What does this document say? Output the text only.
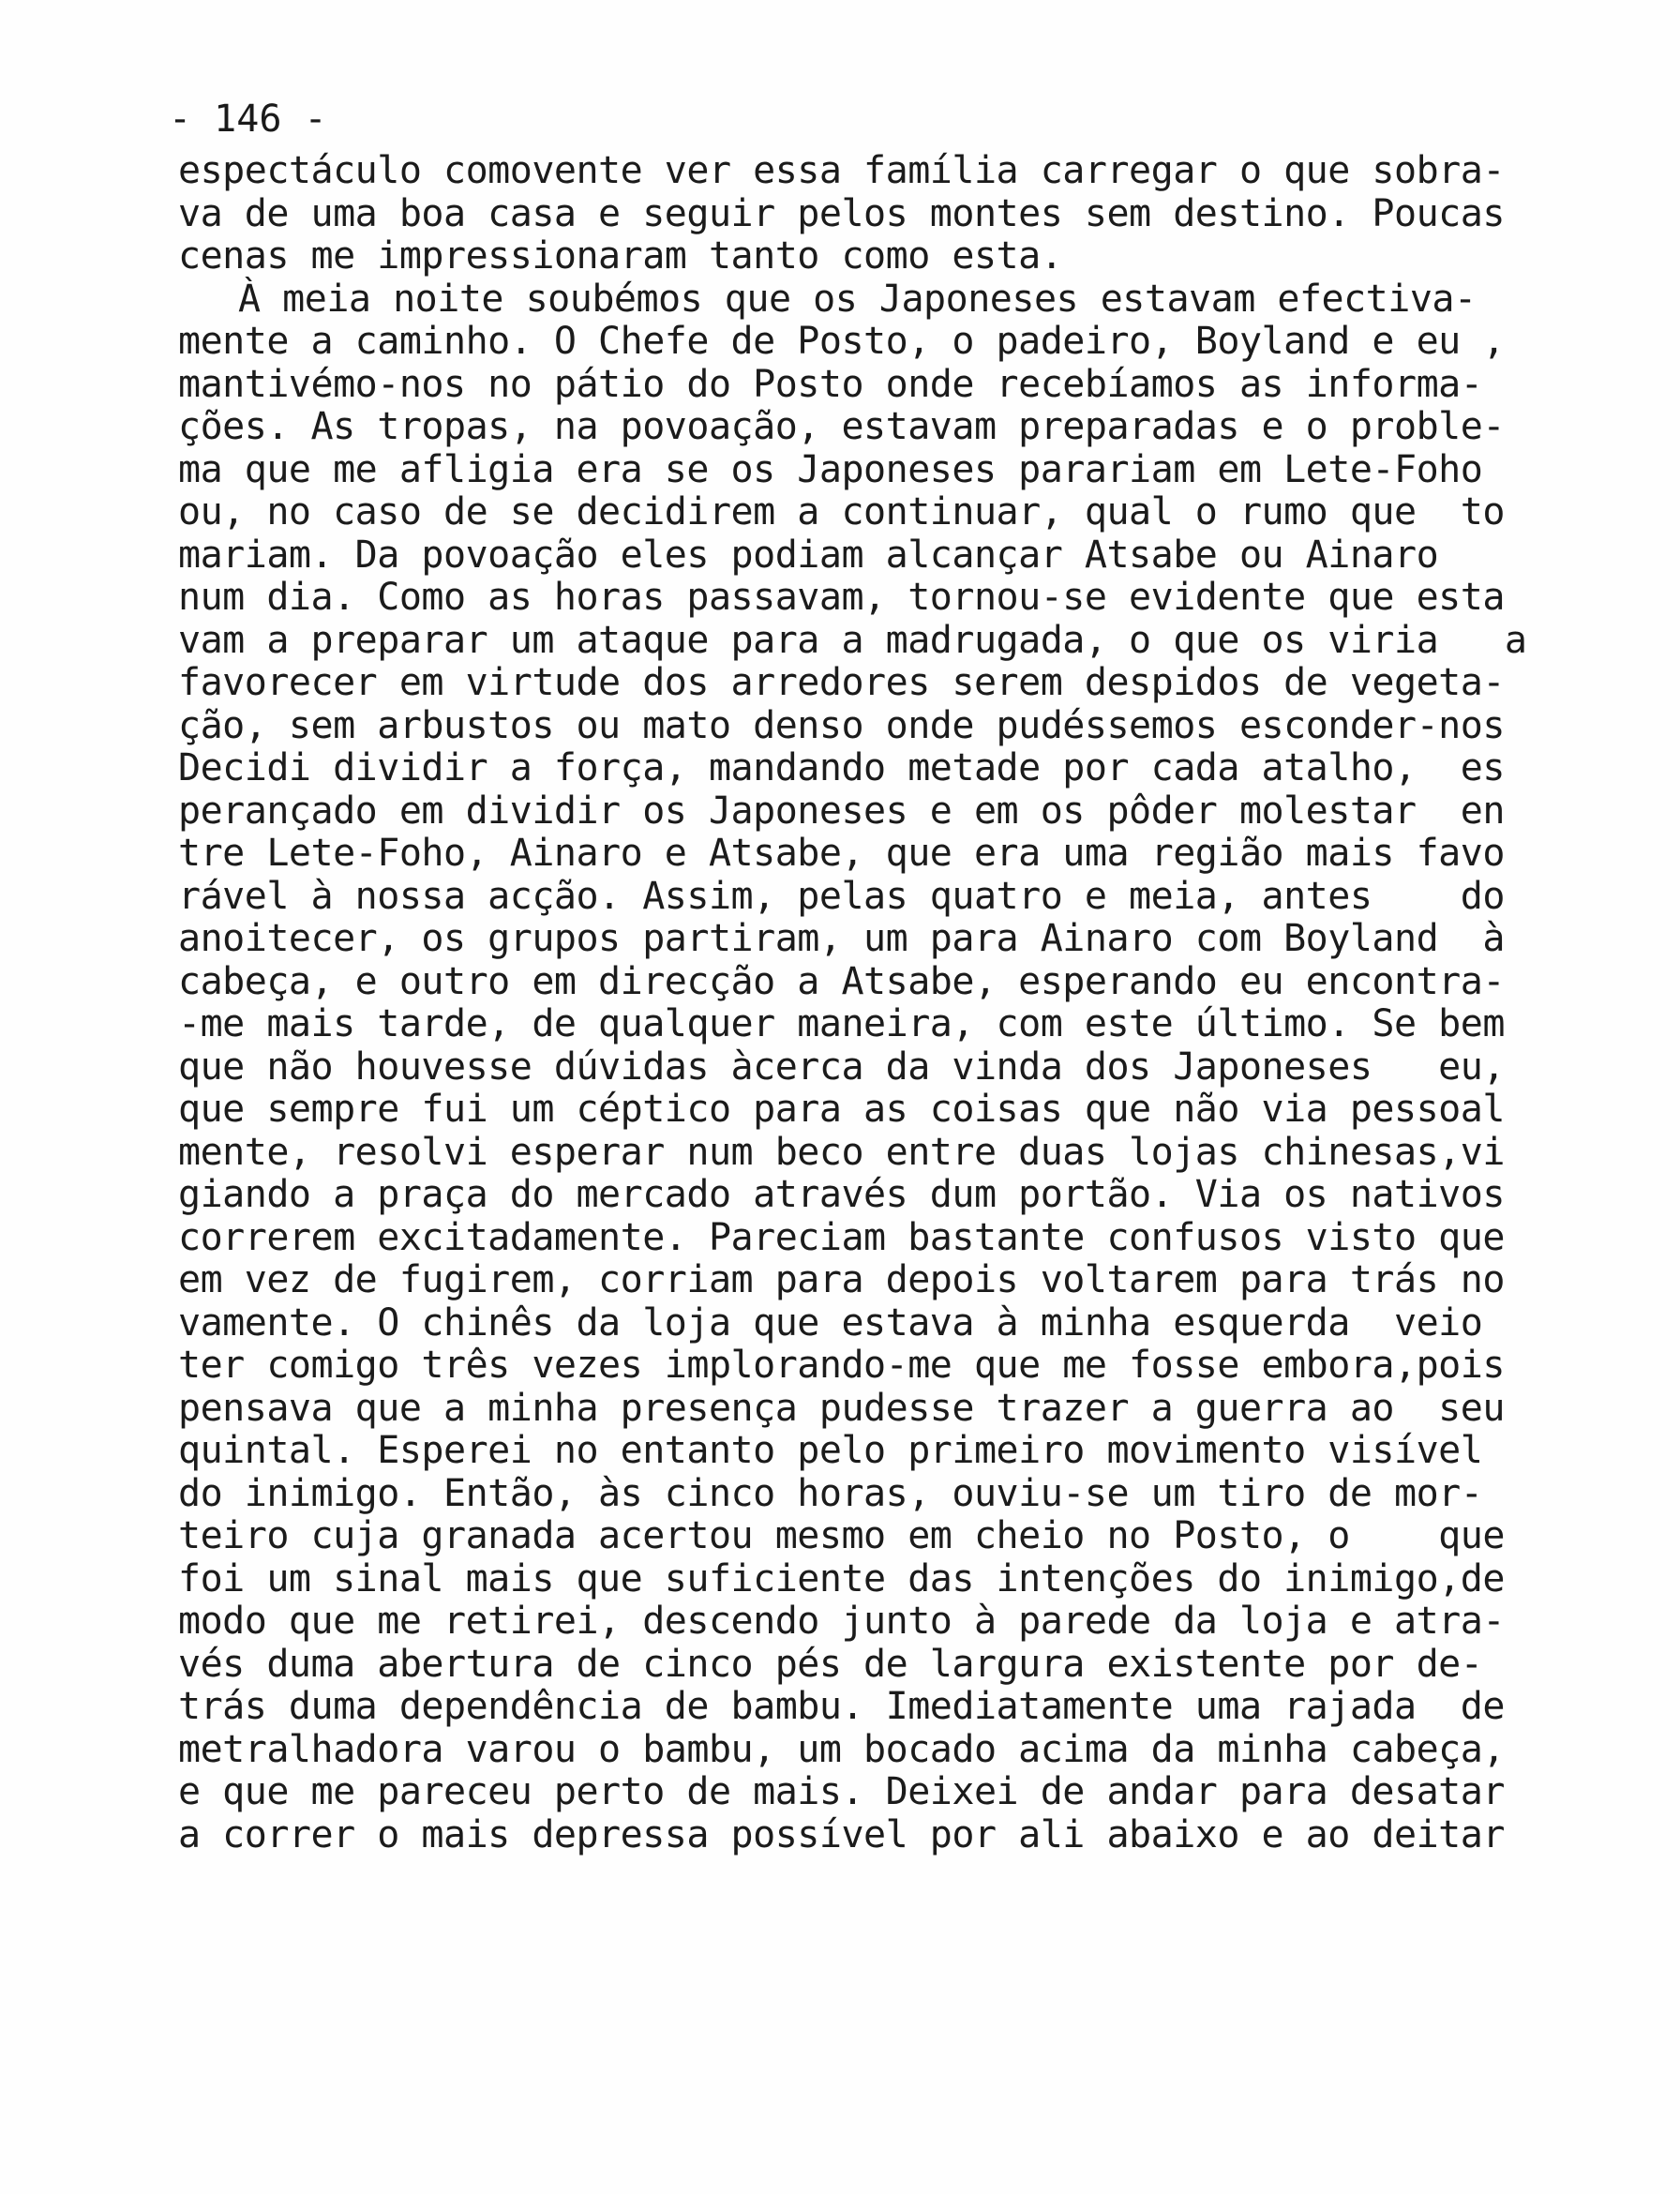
- 146 -
espectáculo comovente ver essa família carregar o que sobra-
va de uma boa casa e seguir pelos montes sem destino. Poucas
cenas me impressionaram tanto como esta.
À meia noite soubémos que os Japoneses estavam efectiva-
mente a caminho. O Chefe de Posto, o padeiro, Boyland e eu ,
mantivémo-nos no pátio do Posto onde recebíamos as informa-
ções. As tropas, na povoação, estavam preparadas e o proble-
ma que me afligia era se os Japoneses parariam em Lete-Foho
ou, no caso de se decidirem a continuar, qual o rumo que  to
mariam. Da povoação eles podiam alcançar Atsabe ou Ainaro
num dia. Como as horas passavam, tornou-se evidente que esta
vam a preparar um ataque para a madrugada, o que os viria   a
favorecer em virtude dos arredores serem despidos de vegeta-
ção, sem arbustos ou mato denso onde pudéssemos esconder-nos
Decidi dividir a força, mandando metade por cada atalho,  es
perançado em dividir os Japoneses e em os pôder molestar  en
tre Lete-Foho, Ainaro e Atsabe, que era uma região mais favo
rável à nossa acção. Assim, pelas quatro e meia, antes    do
anoitecer, os grupos partiram, um para Ainaro com Boyland  à
cabeça, e outro em direcção a Atsabe, esperando eu encontra-
-me mais tarde, de qualquer maneira, com este último. Se bem
que não houvesse dúvidas àcerca da vinda dos Japoneses   eu,
que sempre fui um céptico para as coisas que não via pessoal
mente, resolvi esperar num beco entre duas lojas chinesas,vi
giando a praça do mercado através dum portão. Via os nativos
correrem excitadamente. Pareciam bastante confusos visto que
em vez de fugirem, corriam para depois voltarem para trás no
vamente. O chinês da loja que estava à minha esquerda  veio
ter comigo três vezes implorando-me que me fosse embora,pois
pensava que a minha presença pudesse trazer a guerra ao  seu
quintal. Esperei no entanto pelo primeiro movimento visível
do inimigo. Então, às cinco horas, ouviu-se um tiro de mor-
teiro cuja granada acertou mesmo em cheio no Posto, o    que
foi um sinal mais que suficiente das intenções do inimigo,de
modo que me retirei, descendo junto à parede da loja e atra-
vés duma abertura de cinco pés de largura existente por de-
trás duma dependência de bambu. Imediatamente uma rajada  de
metralhadora varou o bambu, um bocado acima da minha cabeça,
e que me pareceu perto de mais. Deixei de andar para desatar
a correr o mais depressa possível por ali abaixo e ao deitar
